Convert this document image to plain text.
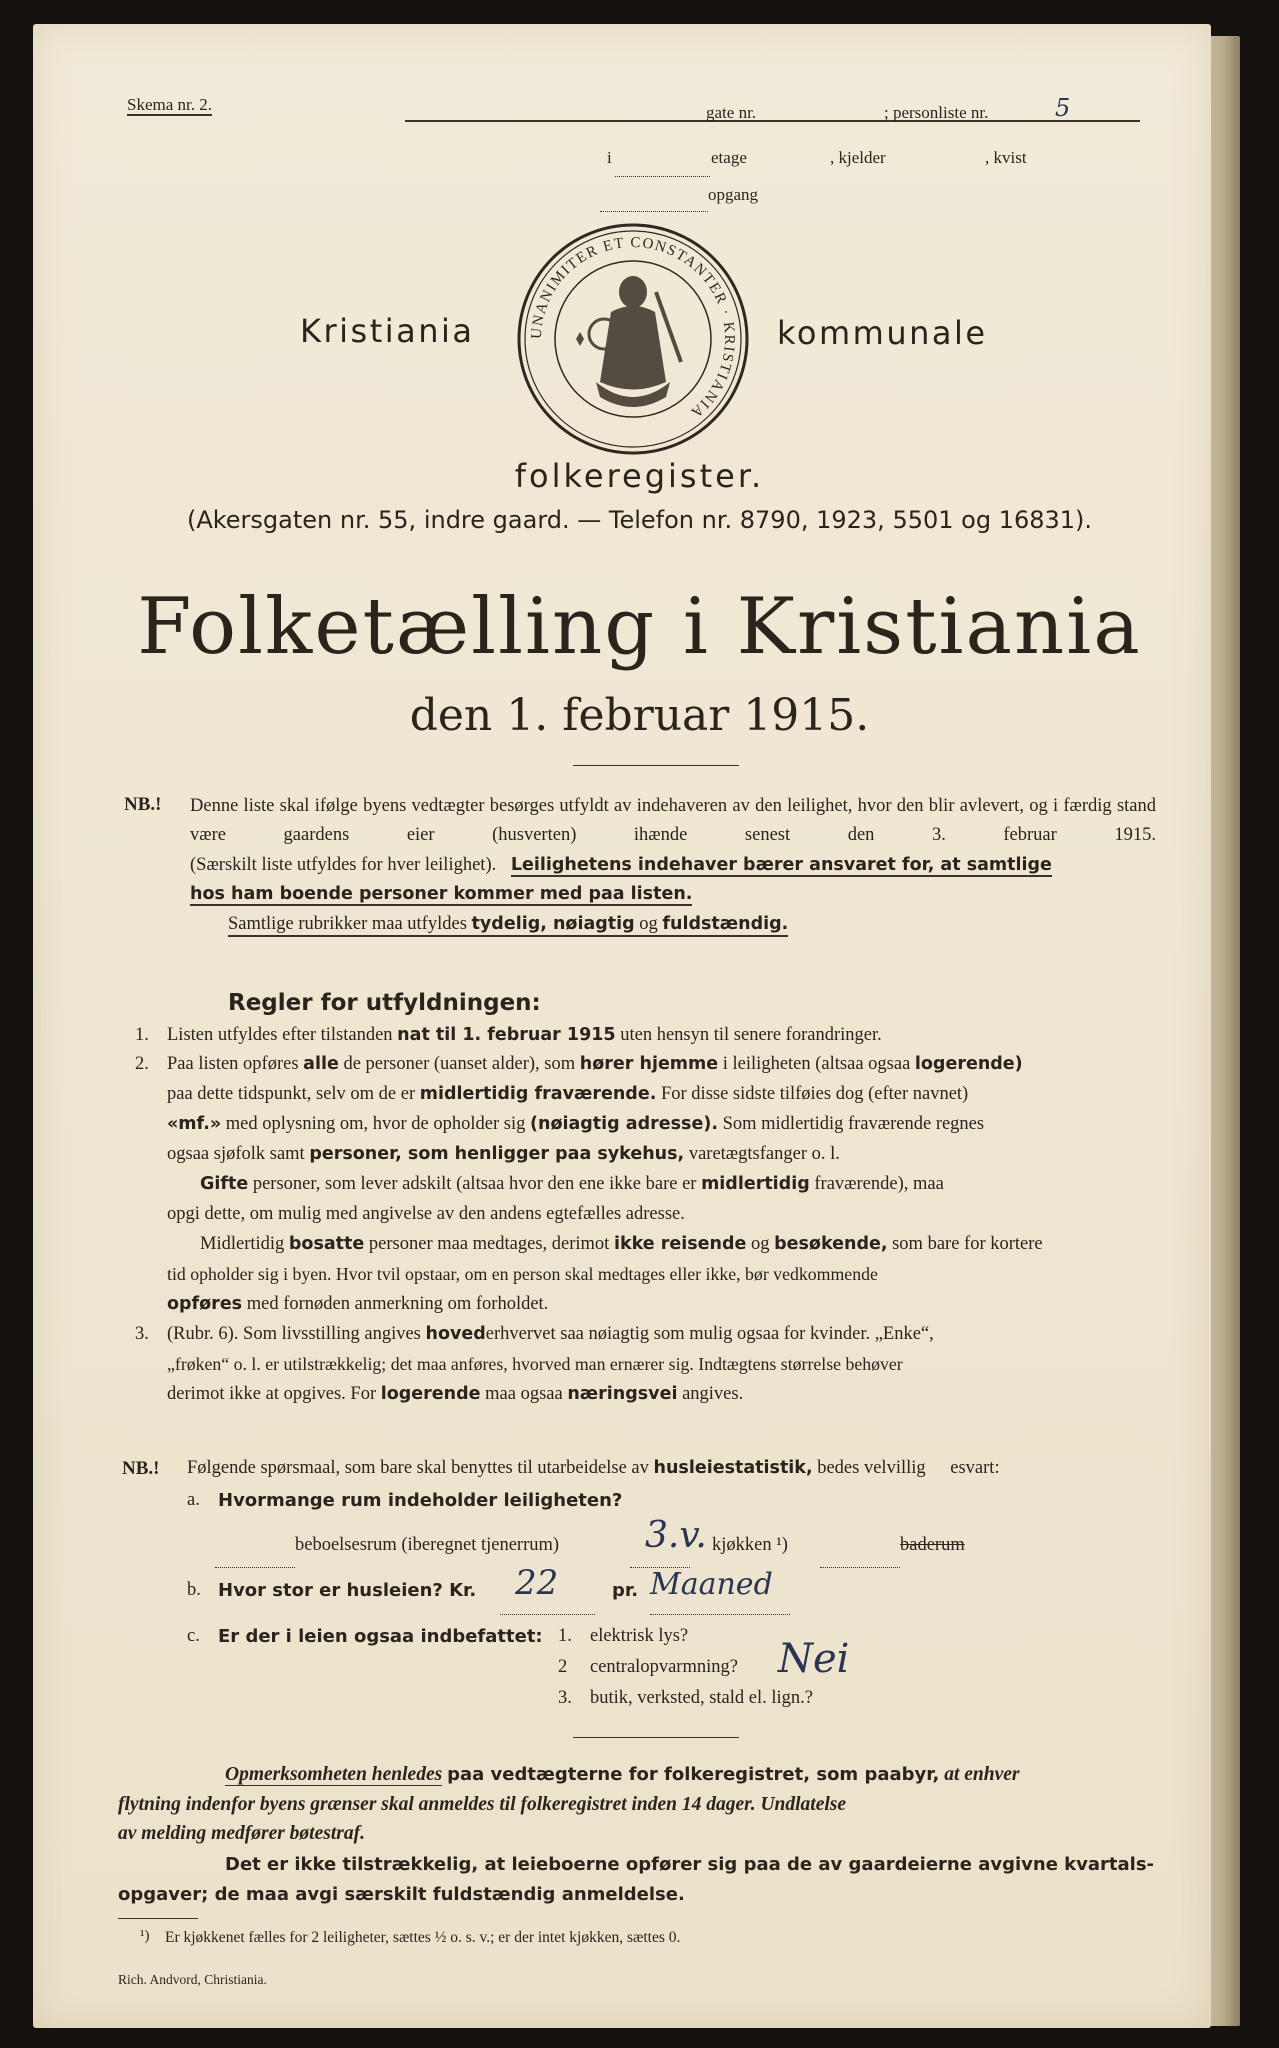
Skema nr. 2.	gate nr.	; personliste nr.	5
i	etage	, kjelder	, kvist
opgang
UNANIMITER ET CONSTANTER · KRISTIANIA
Kristiania	kommunale
folkeregister.
(Akersgaten nr. 55, indre gaard. — Telefon nr. 8790, 1923, 5501 og 16831).
Folketælling i Kristiania
den 1. februar 1915.
NB.! Denne liste skal ifølge byens vedtægter besørges utfyldt av indehaveren av den leilighet, hvor den blir avlevert, og i færdig stand være gaardens eier (husverten) ihænde senest den 3. februar 1915.
(Særskilt liste utfyldes for hver leilighet). Leilighetens indehaver bærer ansvaret for, at samtlige
hos ham boende personer kommer med paa listen.
Samtlige rubrikker maa utfyldes tydelig, nøiagtig og fuldstændig.
Regler for utfyldningen:
1. Listen utfyldes efter tilstanden nat til 1. februar 1915 uten hensyn til senere forandringer.
2. Paa listen opføres alle de personer (uanset alder), som hører hjemme i leiligheten (altsaa ogsaa logerende)
paa dette tidspunkt, selv om de er midlertidig fraværende. For disse sidste tilføies dog (efter navnet)
«mf.» med oplysning om, hvor de opholder sig (nøiagtig adresse). Som midlertidig fraværende regnes
ogsaa sjøfolk samt personer, som henligger paa sykehus, varetægtsfanger o. l.
Gifte personer, som lever adskilt (altsaa hvor den ene ikke bare er midlertidig fraværende), maa
opgi dette, om mulig med angivelse av den andens egtefælles adresse.
Midlertidig bosatte personer maa medtages, derimot ikke reisende og besøkende, som bare for kortere
tid opholder sig i byen. Hvor tvil opstaar, om en person skal medtages eller ikke, bør vedkommende
opføres med fornøden anmerkning om forholdet.
3. (Rubr. 6). Som livsstilling angives hovederhvervet saa nøiagtig som mulig ogsaa for kvinder. „Enke“,
„frøken“ o. l. er utilstrækkelig; det maa anføres, hvorved man ernærer sig. Indtægtens størrelse behøver
derimot ikke at opgives. For logerende maa ogsaa næringsvei angives.
NB.! Følgende spørsmaal, som bare skal benyttes til utarbeidelse av husleiestatistik, bedes velvillig esvart:
a. Hvormange rum indeholder leiligheten?
beboelsesrum (iberegnet tjenerrum) 3.v. kjøkken ¹)	baderum
b. Hvor stor er husleien? Kr. 22	pr. Maaned
c. Er der i leien ogsaa indbefattet: 1. elektrisk lys?
2 centralopvarmning? Nei
3. butik, verksted, stald el. lign.?
Opmerksomheten henledes paa vedtægterne for folkeregistret, som paabyr, at enhver
flytning indenfor byens grænser skal anmeldes til folkeregistret inden 14 dager. Undlatelse
av melding medfører bøtestraf.
Det er ikke tilstrækkelig, at leieboerne opfører sig paa de av gaardeierne avgivne kvartals-
opgaver; de maa avgi særskilt fuldstændig anmeldelse.
¹) Er kjøkkenet fælles for 2 leiligheter, sættes ½ o. s. v.; er der intet kjøkken, sættes 0.
Rich. Andvord, Christiania.
